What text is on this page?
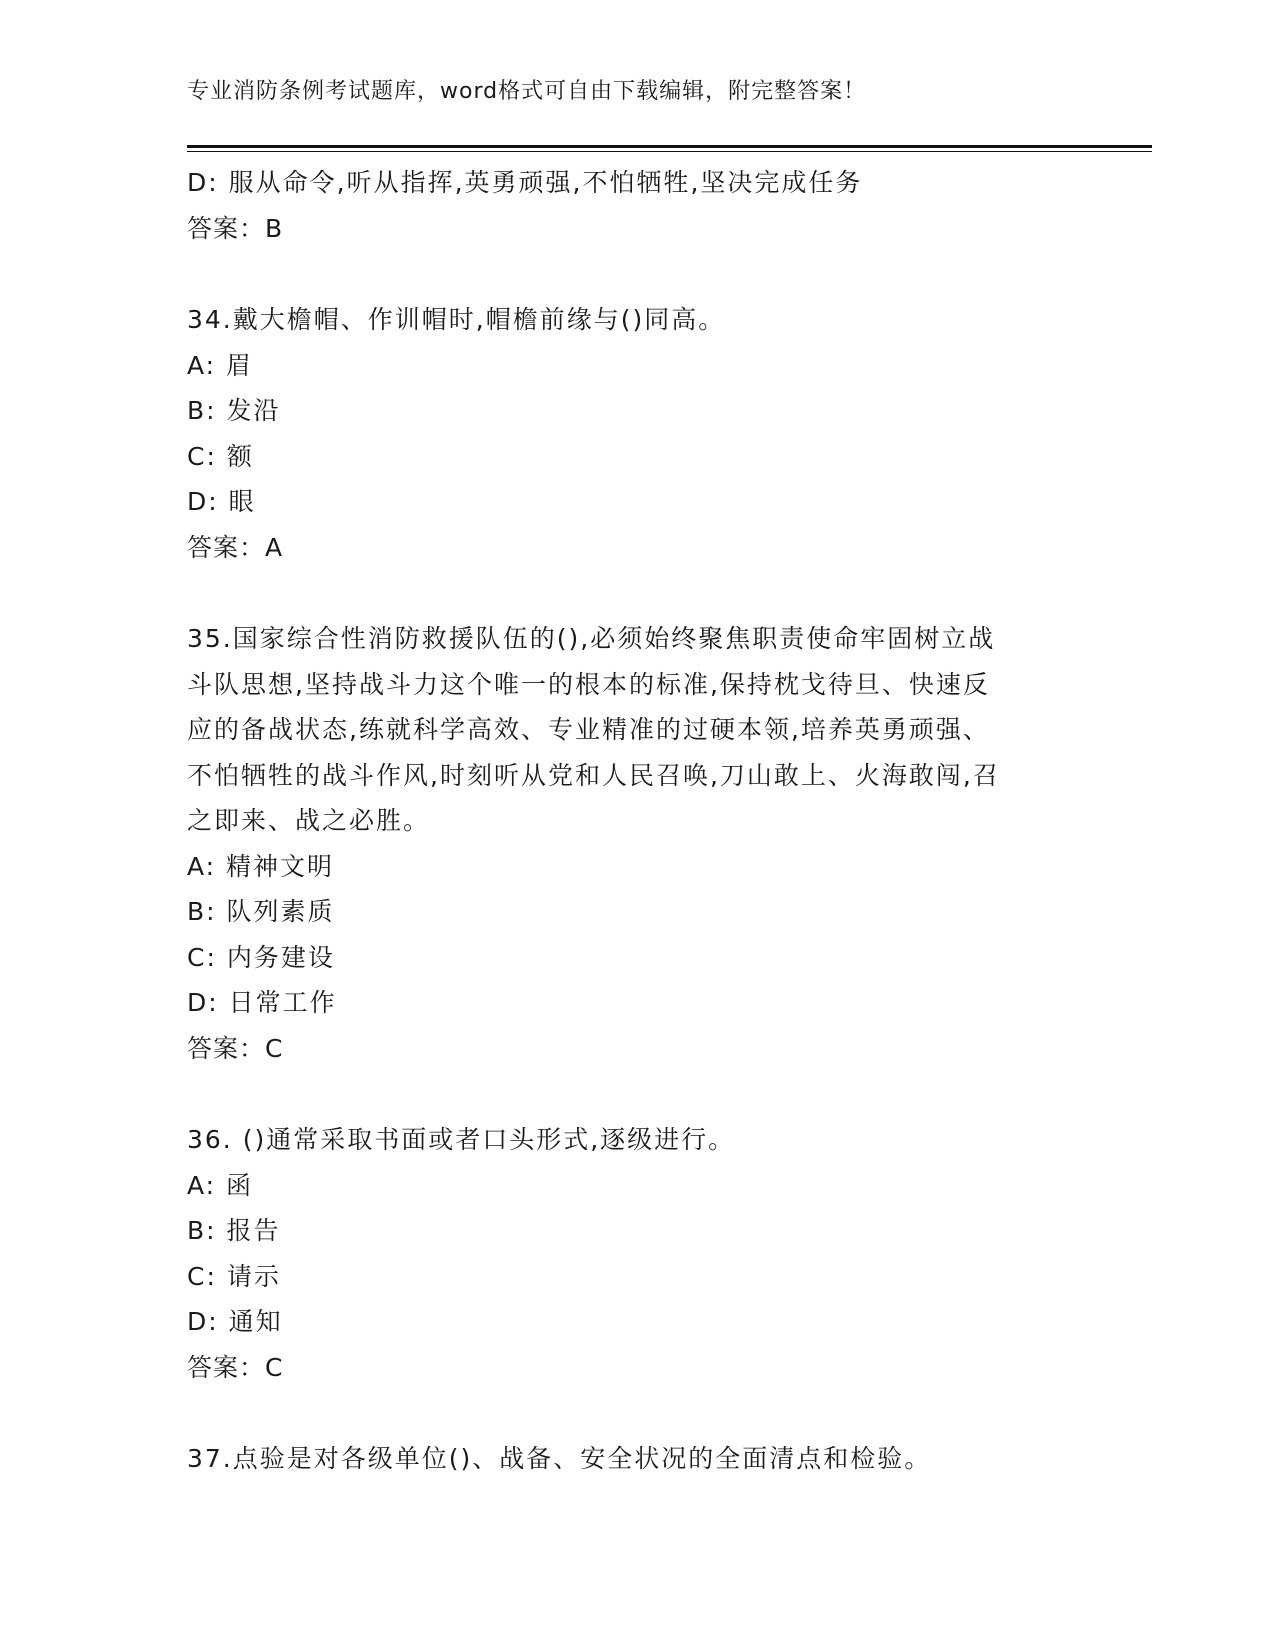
专业消防条例考试题库，word格式可自由下载编辑，附完整答案！
D: 服从命令,听从指挥,英勇顽强,不怕牺牲,坚决完成任务
答案：B
34.戴大檐帽、作训帽时,帽檐前缘与()同高。
A: 眉
B: 发沿
C: 额
D: 眼
答案：A
35.国家综合性消防救援队伍的(),必须始终聚焦职责使命牢固树立战
斗队思想,坚持战斗力这个唯一的根本的标准,保持枕戈待旦、快速反
应的备战状态,练就科学高效、专业精准的过硬本领,培养英勇顽强、
不怕牺牲的战斗作风,时刻听从党和人民召唤,刀山敢上、火海敢闯,召
之即来、战之必胜。
A: 精神文明
B: 队列素质
C: 内务建设
D: 日常工作
答案：C
36. ()通常采取书面或者口头形式,逐级进行。
A: 函
B: 报告
C: 请示
D: 通知
答案：C
37.点验是对各级单位()、战备、安全状况的全面清点和检验。
